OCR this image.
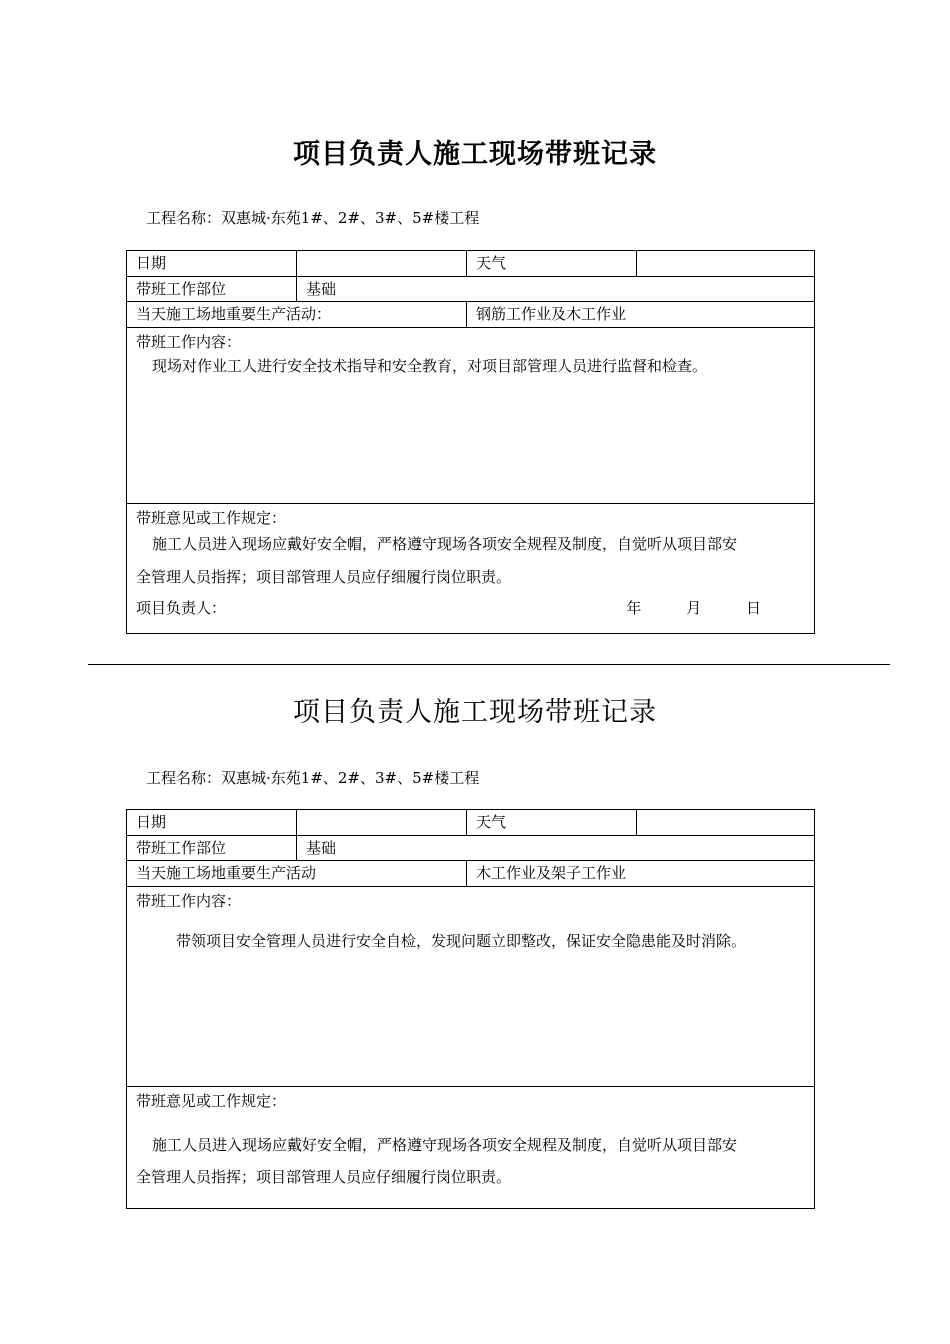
项目负责人施工现场带班记录
工程名称：双惠城·东苑1#、2#、3#、5#楼工程
日期	天气
带班工作部位	基础
当天施工场地重要生产活动：	钢筋工作业及木工作业
带班工作内容：
现场对作业工人进行安全技术指导和安全教育，对项目部管理人员进行监督和检查。
带班意见或工作规定：
施工人员进入现场应戴好安全帽，严格遵守现场各项安全规程及制度，自觉听从项目部安
全管理人员指挥；项目部管理人员应仔细履行岗位职责。
项目负责人：	年	月	日
项目负责人施工现场带班记录
工程名称：双惠城·东苑1#、2#、3#、5#楼工程
日期	天气
带班工作部位	基础
当天施工场地重要生产活动	木工作业及架子工作业
带班工作内容：
带领项目安全管理人员进行安全自检，发现问题立即整改，保证安全隐患能及时消除。
带班意见或工作规定：
施工人员进入现场应戴好安全帽，严格遵守现场各项安全规程及制度，自觉听从项目部安
全管理人员指挥；项目部管理人员应仔细履行岗位职责。
